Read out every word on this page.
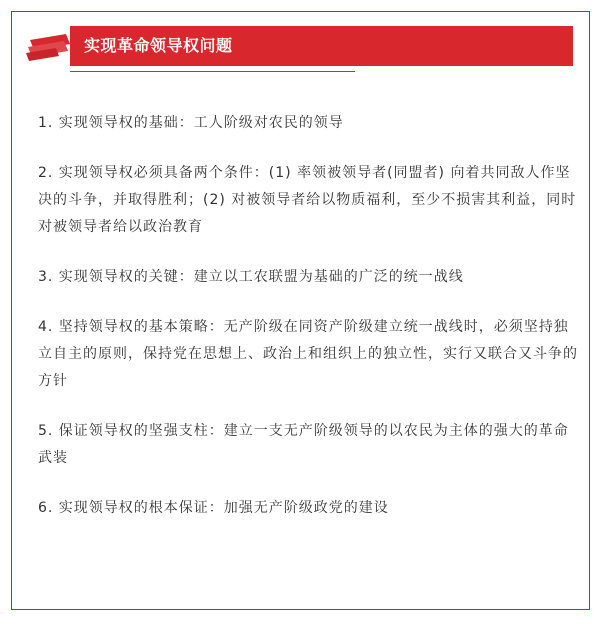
实现革命领导权问题

1. 实现领导权的基础：工人阶级对农民的领导

2. 实现领导权必须具备两个条件：(1) 率领被领导者(同盟者) 向着共同敌人作坚决的斗争，并取得胜利；(2) 对被领导者给以物质福利，至少不损害其利益，同时对被领导者给以政治教育

3. 实现领导权的关键：建立以工农联盟为基础的广泛的统一战线

4. 坚持领导权的基本策略：无产阶级在同资产阶级建立统一战线时，必须坚持独立自主的原则，保持党在思想上、政治上和组织上的独立性，实行又联合又斗争的方针

5. 保证领导权的坚强支柱：建立一支无产阶级领导的以农民为主体的强大的革命武装

6. 实现领导权的根本保证：加强无产阶级政党的建设
